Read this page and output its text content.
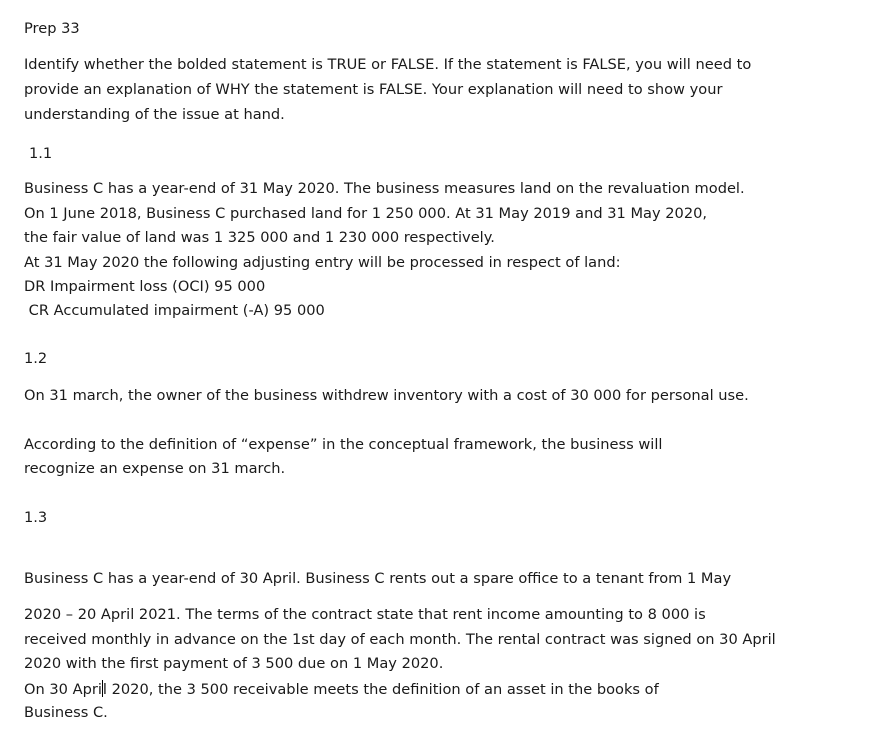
Prep 33

Identify whether the bolded statement is TRUE or FALSE. If the statement is FALSE, you will need to

provide an explanation of WHY the statement is FALSE. Your explanation will need to show your

understanding of the issue at hand.

1.1

Business C has a year-end of 31 May 2020. The business measures land on the revaluation model.

On 1 June 2018, Business C purchased land for 1 250 000. At 31 May 2019 and 31 May 2020,

the fair value of land was 1 325 000 and 1 230 000 respectively.

At 31 May 2020 the following adjusting entry will be processed in respect of land:

DR Impairment loss (OCI) 95 000

CR Accumulated impairment (-A) 95 000

1.2

On 31 march, the owner of the business withdrew inventory with a cost of 30 000 for personal use.

According to the definition of “expense” in the conceptual framework, the business will

recognize an expense on 31 march.

1.3

Business C has a year-end of 30 April. Business C rents out a spare office to a tenant from 1 May

2020 – 20 April 2021. The terms of the contract state that rent income amounting to 8 000 is

received monthly in advance on the 1st day of each month. The rental contract was signed on 30 April

2020 with the first payment of 3 500 due on 1 May 2020.

On 30 April 2020, the 3 500 receivable meets the definition of an asset in the books of

Business C.
